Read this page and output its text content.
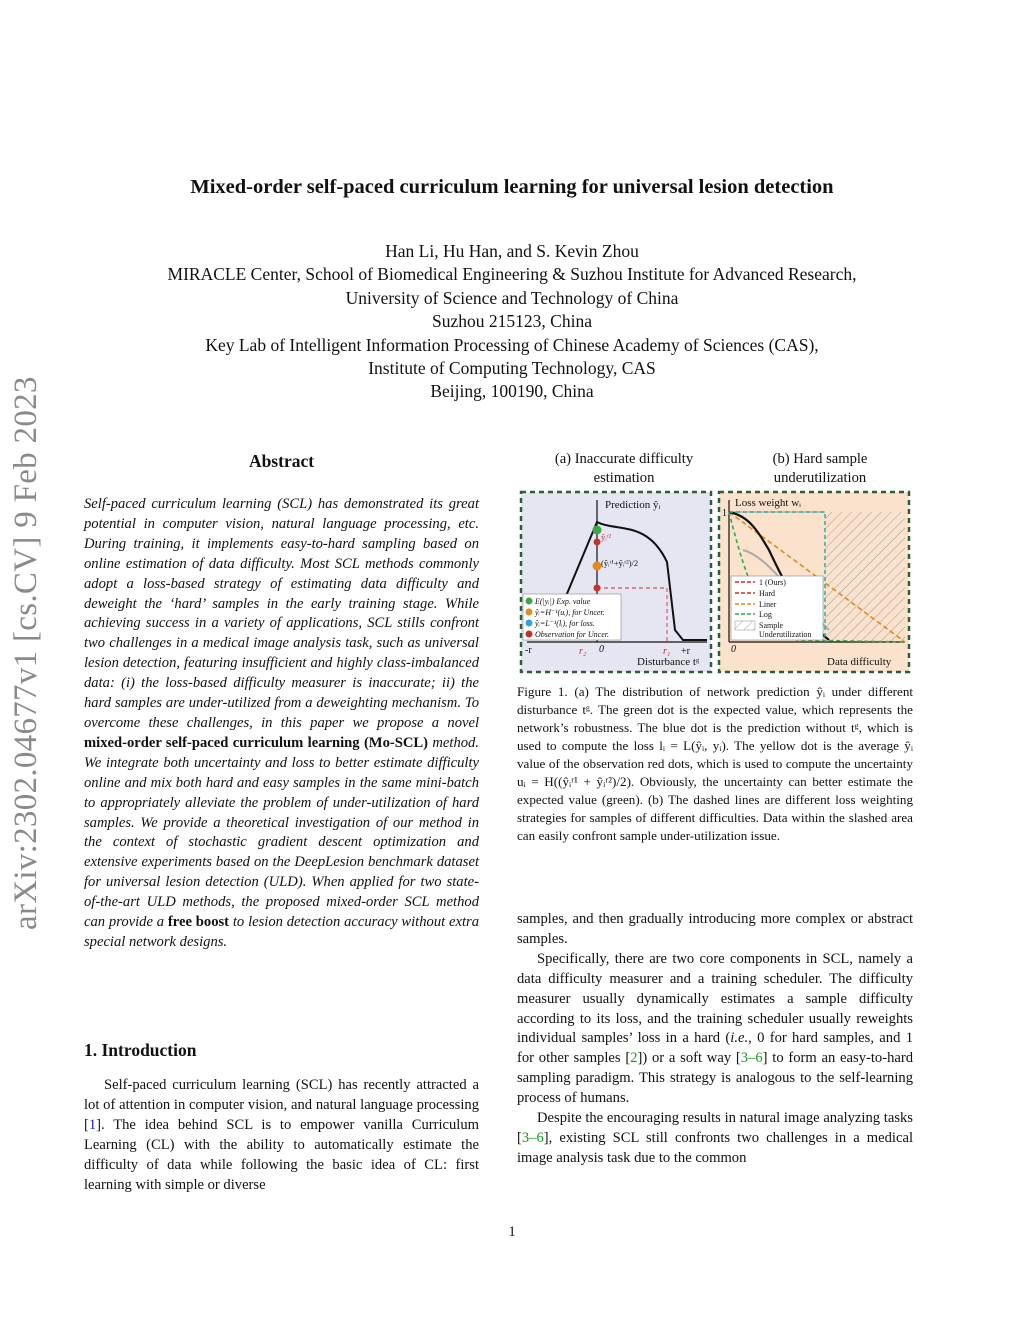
Mixed-order self-paced curriculum learning for universal lesion detection
Han Li, Hu Han, and S. Kevin Zhou
MIRACLE Center, School of Biomedical Engineering & Suzhou Institute for Advanced Research,
University of Science and Technology of China
Suzhou 215123, China
Key Lab of Intelligent Information Processing of Chinese Academy of Sciences (CAS),
Institute of Computing Technology, CAS
Beijing, 100190, China
arXiv:2302.04677v1 [cs.CV] 9 Feb 2023	Abstract
Self-paced curriculum learning (SCL) has demonstrated its great potential in computer vision, natural language processing, etc. During training, it implements easy-to-hard sampling based on online estimation of data difficulty. Most SCL methods commonly adopt a loss-based strategy of estimating data difficulty and deweight the ‘hard’ samples in the early training stage. While achieving success in a variety of applications, SCL stills confront two challenges in a medical image analysis task, such as universal lesion detection, featuring insufficient and highly class-imbalanced data: (i) the loss-based difficulty measurer is inaccurate; ii) the hard samples are under-utilized from a deweighting mechanism. To overcome these challenges, in this paper we propose a novel mixed-order self-paced curriculum learning (Mo-SCL) method. We integrate both uncertainty and loss to better estimate difficulty online and mix both hard and easy samples in the same mini-batch to appropriately alleviate the problem of under-utilization of hard samples. We provide a theoretical investigation of our method in the context of stochastic gradient descent optimization and extensive experiments based on the DeepLesion benchmark dataset for universal lesion detection (ULD). When applied for two state-of-the-art ULD methods, the proposed mixed-order SCL method can provide a free boost to lesion detection accuracy without extra special network designs.
1. Introduction
Self-paced curriculum learning (SCL) has recently attracted a lot of attention in computer vision, and natural language processing [1]. The idea behind SCL is to empower vanilla Curriculum Learning (CL) with the ability to automatically estimate the difficulty of data while following the basic idea of CL: first learning with simple or diverse
(a) Inaccurate difficulty estimation
(b) Hard sample underutilization
Prediction ŷᵢ
ŷᵢʳ²
(ŷᵢʳ¹+ŷᵢʳ²)/2
E(|yᵢ|) Exp. value
ŷᵢ=H⁻¹(uᵢ), for Uncer.
ŷᵢ=L⁻¹(lᵢ), for loss.
Observation for Uncer.
-r	r₂ 0	r₁ +r
Disturbance tᵍ
Loss weight wᵢ
1
0
1 (Ours)
Hard
Liner
Log
Sample
Underutilization
Data difficulty
Figure 1. (a) The distribution of network prediction ŷᵢ under different disturbance tᵍ. The green dot is the expected value, which represents the network’s robustness. The blue dot is the prediction without tᵍ, which is used to compute the loss lᵢ = L(ŷᵢ, yᵢ). The yellow dot is the average ŷᵢ value of the observation red dots, which is used to compute the uncertainty uᵢ = H((ŷᵢʳ¹ + ŷᵢʳ²)/2). Obviously, the uncertainty can better estimate the expected value (green). (b) The dashed lines are different loss weighting strategies for samples of different difficulties. Data within the slashed area can easily confront sample under-utilization issue.

samples, and then gradually introducing more complex or abstract samples.

Specifically, there are two core components in SCL, namely a data difficulty measurer and a training scheduler. The difficulty measurer usually dynamically estimates a sample difficulty according to its loss, and the training scheduler usually reweights individual samples’ loss in a hard (i.e., 0 for hard samples, and 1 for other samples [2]) or a soft way [3–6] to form an easy-to-hard sampling paradigm. This strategy is analogous to the self-learning process of humans.

Despite the encouraging results in natural image analyzing tasks [3–6], existing SCL still confronts two challenges in a medical image analysis task due to the common

1
